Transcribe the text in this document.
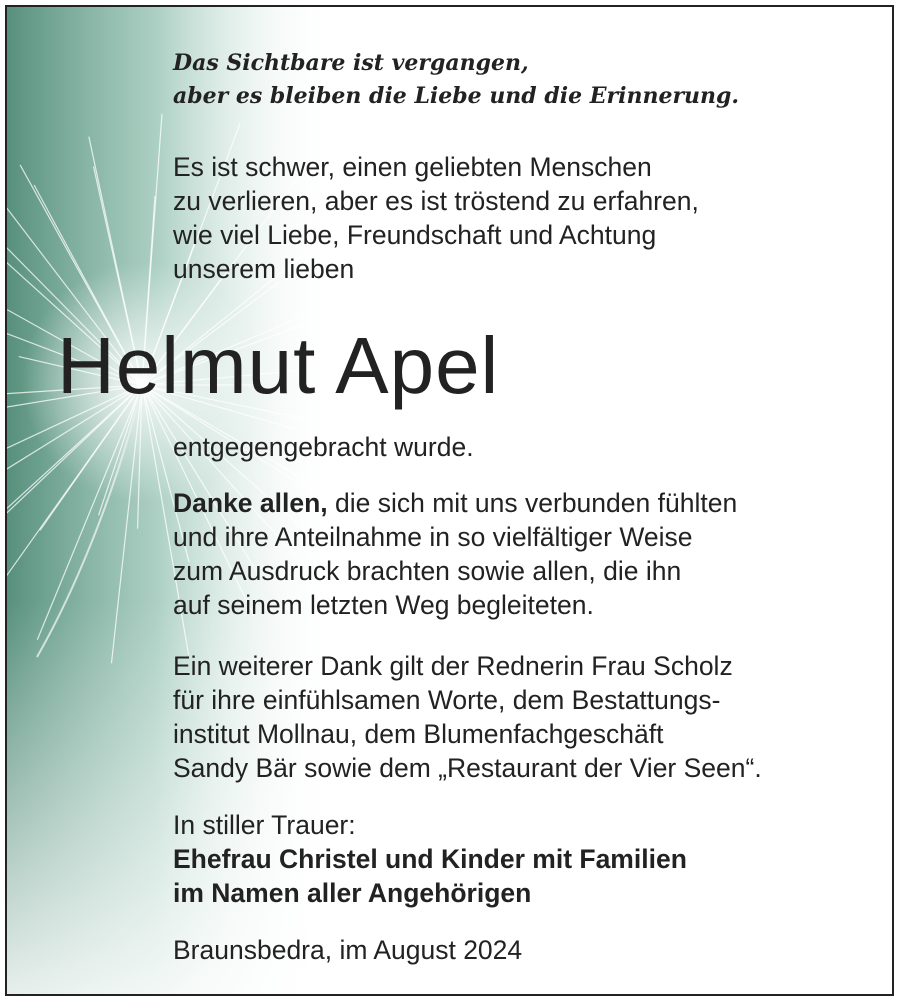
Das Sichtbare ist vergangen,
aber es bleiben die Liebe und die Erinnerung.
Es ist schwer, einen geliebten Menschen
zu verlieren, aber es ist tröstend zu erfahren,
wie viel Liebe, Freundschaft und Achtung
unserem lieben
Helmut Apel
entgegengebracht wurde.
Danke allen, die sich mit uns verbunden fühlten
und ihre Anteilnahme in so vielfältiger Weise
zum Ausdruck brachten sowie allen, die ihn
auf seinem letzten Weg begleiteten.
Ein weiterer Dank gilt der Rednerin Frau Scholz
für ihre einfühlsamen Worte, dem Bestattungs-
institut Mollnau, dem Blumenfachgeschäft
Sandy Bär sowie dem „Restaurant der Vier Seen“.
In stiller Trauer:
Ehefrau Christel und Kinder mit Familien
im Namen aller Angehörigen
Braunsbedra, im August 2024
